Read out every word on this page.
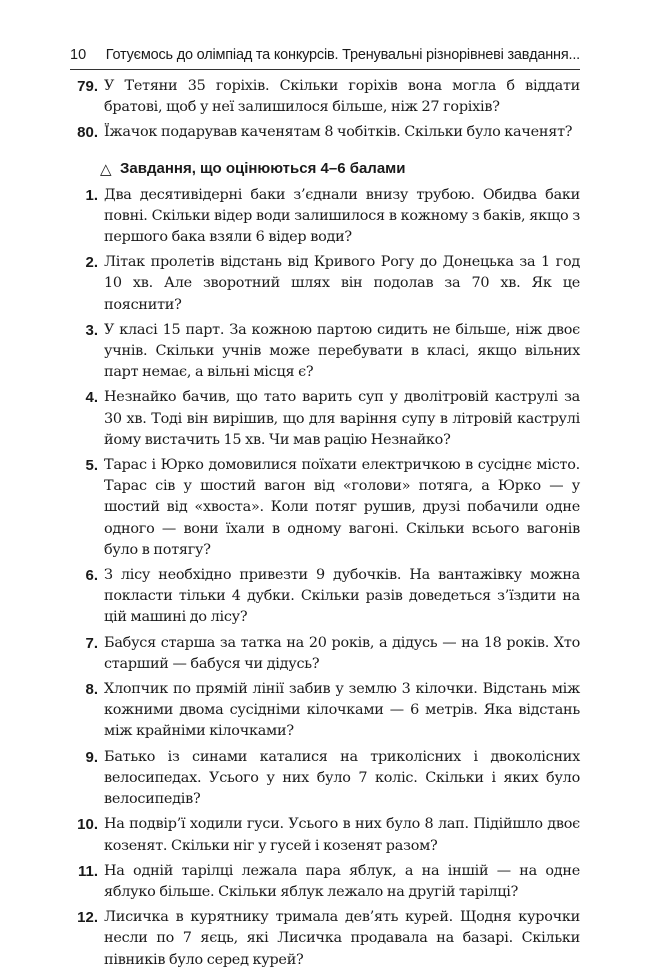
10 Готуємось до олімпіад та конкурсів. Тренувальні різнорівневі завдання...
79. У Тетяни 35 горіхів. Скільки горіхів вона могла б віддати братові, щоб у неї залишилося більше, ніж 27 горіхів?
80. Їжачок подарував каченятам 8 чобітків. Скільки було каченят?
△ Завдання, що оцінюються 4–6 балами
1. Два десятивідерні баки з’єднали внизу трубою. Обидва баки повні. Скільки відер води залишилося в кожному з баків, якщо з першого бака взяли 6 відер води?
2. Літак пролетів відстань від Кривого Рогу до Донецька за 1 год 10 хв. Але зворотний шлях він подолав за 70 хв. Як це пояснити?
3. У класі 15 парт. За кожною партою сидить не більше, ніж двоє учнів. Скільки учнів може перебувати в класі, якщо вільних парт немає, а вільні місця є?
4. Незнайко бачив, що тато варить суп у дволітровій каструлі за 30 хв. Тоді він вирішив, що для варіння супу в літровій каструлі йому вистачить 15 хв. Чи мав рацію Незнайко?
5. Тарас і Юрко домовилися поїхати електричкою в сусіднє місто. Тарас сів у шостий вагон від «голови» потяга, а Юрко — у шостий від «хвоста». Коли потяг рушив, друзі побачили одне одного — вони їхали в одному вагоні. Скільки всього вагонів було в потягу?
6. З лісу необхідно привезти 9 дубочків. На вантажівку можна покласти тільки 4 дубки. Скільки разів доведеться з’їздити на цій машині до лісу?
7. Бабуся старша за татка на 20 років, а дідусь — на 18 років. Хто старший — бабуся чи дідусь?
8. Хлопчик по прямій лінії забив у землю 3 кілочки. Відстань між кожними двома сусідніми кілочками — 6 метрів. Яка відстань між крайніми кілочками?
9. Батько із синами каталися на триколісних і двоколісних велосипедах. Усього у них було 7 коліс. Скільки і яких було велосипедів?
10. На подвір’ї ходили гуси. Усього в них було 8 лап. Підійшло двоє козенят. Скільки ніг у гусей і козенят разом?
11. На одній тарілці лежала пара яблук, а на іншій — на одне яблуко більше. Скільки яблук лежало на другій тарілці?
12. Лисичка в курятнику тримала дев’ять курей. Щодня курочки несли по 7 яєць, які Лисичка продавала на базарі. Скільки півників було серед курей?
